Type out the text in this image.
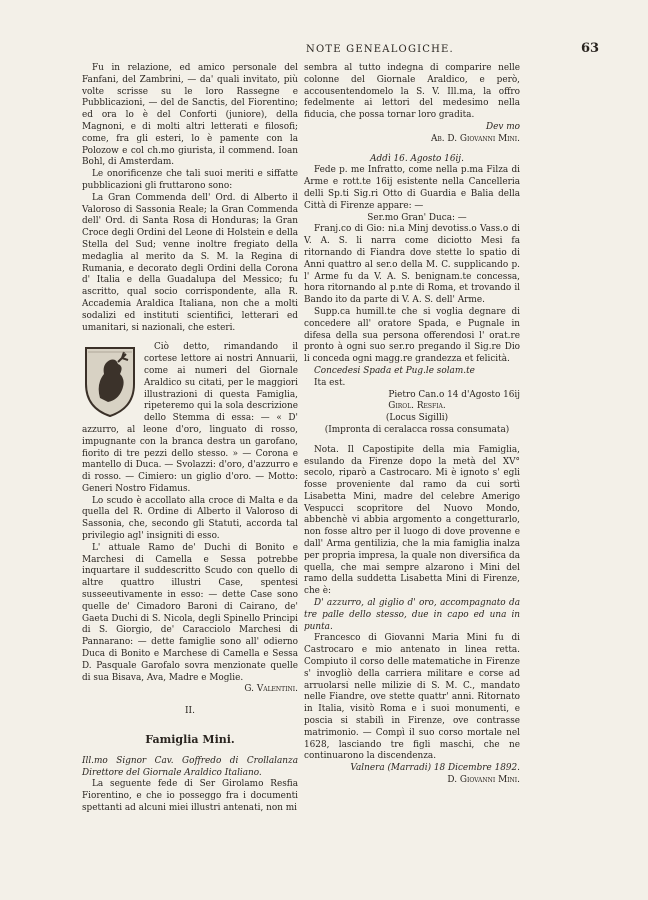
NOTE GENEALOGICHE.	63

Fu in relazione, ed amico personale del Fanfani, del Zambrini, — da' quali invitato, più volte scrisse su le loro Rassegne e Pubblicazioni, — del de Sanctis, del Fiorentino; ed ora lo è del Conforti (juniore), della Magnoni, e di molti altri letterati e filosofi; come, fra gli esteri, lo è pamente con la Polozow e col ch.mo giurista, il commend. Ioan Bohl, di Amsterdam.

Le onorificenze che tali suoi meriti e siffatte pubblicazioni gli fruttarono sono:

La Gran Commenda dell' Ord. di Alberto il Valoroso di Sassonia Reale; la Gran Commenda dell' Ord. di Santa Rosa di Honduras; la Gran Croce degli Ordini del Leone di Holstein e della Stella del Sud; venne inoltre fregiato della medaglia al merito da S. M. la Regina di Rumania, e decorato degli Ordini della Corona d' Italia e della Guadalupa del Messico; fu ascritto, qual socio corrispondente, alla R. Accademia Araldica Italiana, non che a molti sodalizi ed instituti scientifici, letterari ed umanitari, si nazionali, che esteri.

Ciò detto, rimandando il cortese lettore ai nostri Annuarii, come ai numeri del Giornale Araldico su citati, per le maggiori illustrazioni di questa Famiglia, ripeteremo qui la sola descrizione dello Stemma di essa: — « D' azzurro, al leone d'oro, linguato di rosso, impugnante con la branca destra un garofano, fiorito di tre pezzi dello stesso. » — Corona e mantello di Duca. — Svolazzi: d'oro, d'azzurro e di rosso. — Cimiero: un giglio d'oro. — Motto: Generi Nostro Fidamus.

Lo scudo è accollato alla croce di Malta e da quella del R. Ordine di Alberto il Valoroso di Sassonia, che, secondo gli Statuti, accorda tal privilegio agl' insigniti di esso.

L' attuale Ramo de' Duchi di Bonito e Marchesi di Camella e Sessa potrebbe inquartare il suddescritto Scudo con quello di altre quattro illustri Case, spentesi susseeutivamente in esso: — dette Case sono quelle de' Cimadoro Baroni di Cairano, de' Gaeta Duchi di S. Nicola, degli Spinello Principi di S. Giorgio, de' Caracciolo Marchesi di Pannarano: — dette famiglie sono all' odierno Duca di Bonito e Marchese di Camella e Sessa D. Pasquale Garofalo sovra menzionate quelle di sua Bisava, Ava, Madre e Moglie.

G. Valentini.

II.
Famiglia Mini.

Ill.mo Signor Cav. Goffredo di Crollalanza Direttore del Giornale Araldico Italiano.

La seguente fede di Ser Girolamo Resfia Fiorentino, e che io posseggo fra i documenti spettanti ad alcuni miei illustri antenati, non mi

sembra al tutto indegna di comparire nelle colonne del Giornale Araldico, e però, accousentendomelo la S. V. Ill.ma, la offro fedelmente ai lettori del medesimo nella fiducia, che possa tornar loro gradita.

Dev mo

Ab. D. Giovanni Mini.

Addì 16. Agosto 16ij.

Fede p. me Infratto, come nella p.ma Filza di Arme e rott.te 16ij esistente nella Cancelleria delli Sp.ti Sig.ri Otto di Guardia e Balia della Città di Firenze appare: —

Ser.mo Gran' Duca: —

Franj.co di Gio: ni.a Minj devotiss.o Vass.o di V. A. S. li narra come diciotto Mesi fa ritornando di Fiandra dove stette lo spatio di Anni quattro al ser.o della M. C. supplicando p. l' Arme fu da V. A. S. benignam.te concessa, hora ritornando al p.nte di Roma, et trovando il Bando ito da parte di V. A. S. dell' Arme.

Supp.ca humill.te che si voglia degnare di concedere all' oratore Spada, e Pugnale in difesa della sua persona offerendosi l' orat.re pronto à ogni suo ser.ro pregando il Sig.re Dio li conceda ogni magg.re grandezza et felicità.

Concedesi Spada et Pug.le solam.te

Ita est.

Pietro Can.o 14 d'Agosto 16ij

Girol. Resfia.

(Locus Sigilli)

(Impronta di ceralacca rossa consumata)

Nota. Il Capostipite della mia Famiglia, esulando da Firenze dopo la metà del XV° secolo, riparò a Castrocaro. Mi è ignoto s' egli fosse proveniente dal ramo da cui sortì Lisabetta Mini, madre del celebre Amerigo Vespucci scopritore del Nuovo Mondo, abbenchè vi abbia argomento a congetturarlo, non fosse altro per il luogo di dove provenne e dall' Arma gentilizia, che la mia famiglia inalza per propria impresa, la quale non diversifica da quella, che mai sempre alzarono i Mini del ramo della suddetta Lisabetta Mini di Firenze, che è:

D' azzurro, al giglio d' oro, accompagnato da tre palle dello stesso, due in capo ed una in punta.

Francesco di Giovanni Maria Mini fu di Castrocaro e mio antenato in linea retta. Compiuto il corso delle matematiche in Firenze s' invogliò della carriera militare e corse ad arruolarsi nelle milizie di S. M. C., mandato nelle Fiandre, ove stette quattr' anni. Ritornato in Italia, visitò Roma e i suoi monumenti, e poscia si stabilì in Firenze, ove contrasse matrimonio. — Compì il suo corso mortale nel 1628, lasciando tre figli maschi, che ne continuarono la discendenza.

Valnera (Marradi) 18 Dicembre 1892.

D. Giovanni Mini.
